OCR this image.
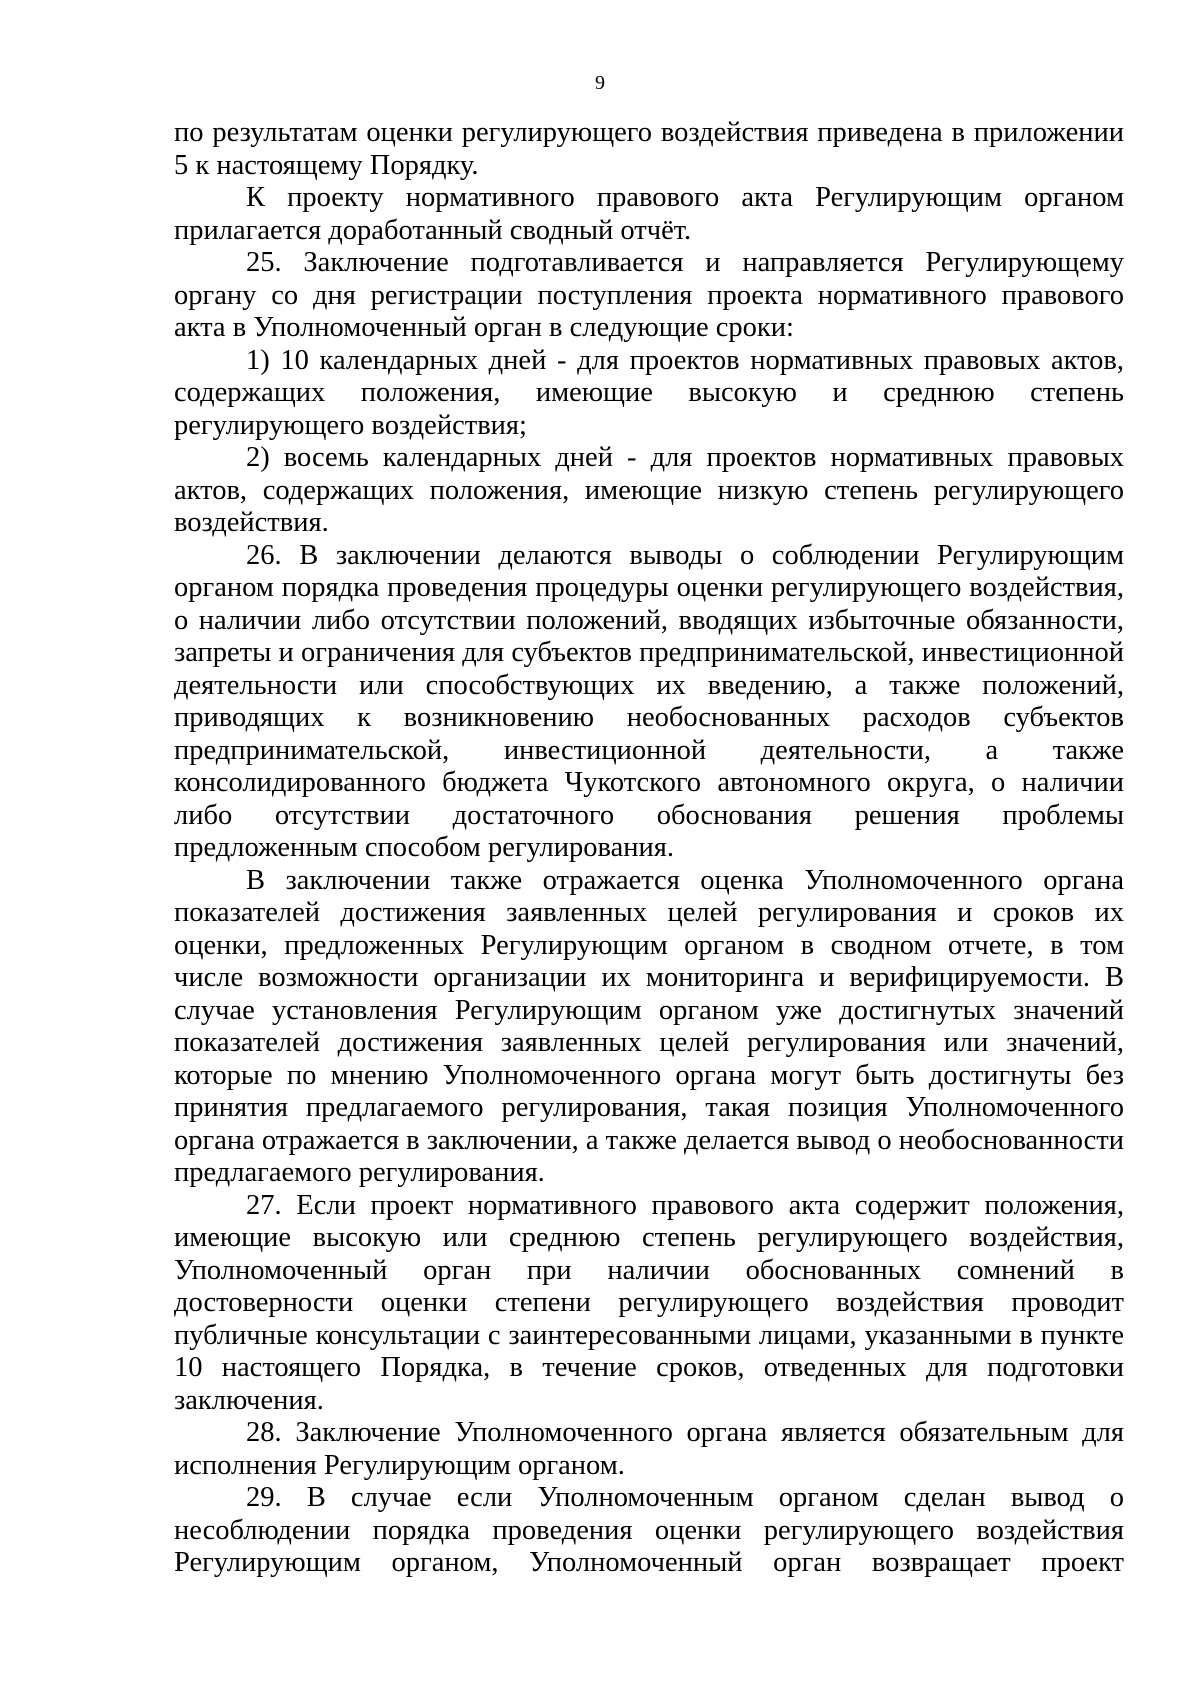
9

по результатам оценки регулирующего воздействия приведена в приложении 5 к настоящему Порядку.

К проекту нормативного правового акта Регулирующим органом прилагается доработанный сводный отчёт.

25. Заключение подготавливается и направляется Регулирующему органу со дня регистрации поступления проекта нормативного правового акта в Уполномоченный орган в следующие сроки:

1) 10 календарных дней - для проектов нормативных правовых актов, содержащих положения, имеющие высокую и среднюю степень регулирующего воздействия;

2) восемь календарных дней - для проектов нормативных правовых актов, содержащих положения, имеющие низкую степень регулирующего воздействия.

26. В заключении делаются выводы о соблюдении Регулирующим органом порядка проведения процедуры оценки регулирующего воздействия, о наличии либо отсутствии положений, вводящих избыточные обязанности, запреты и ограничения для субъектов предпринимательской, инвестиционной деятельности или способствующих их введению, а также положений, приводящих к возникновению необоснованных расходов субъектов предпринимательской, инвестиционной деятельности, а также консолидированного бюджета Чукотского автономного округа, о наличии либо отсутствии достаточного обоснования решения проблемы предложенным способом регулирования.

В заключении также отражается оценка Уполномоченного органа показателей достижения заявленных целей регулирования и сроков их оценки, предложенных Регулирующим органом в сводном отчете, в том числе возможности организации их мониторинга и верифицируемости. В случае установления Регулирующим органом уже достигнутых значений показателей достижения заявленных целей регулирования или значений, которые по мнению Уполномоченного органа могут быть достигнуты без принятия предлагаемого регулирования, такая позиция Уполномоченного органа отражается в заключении, а также делается вывод о необоснованности предлагаемого регулирования.

27. Если проект нормативного правового акта содержит положения, имеющие высокую или среднюю степень регулирующего воздействия, Уполномоченный орган при наличии обоснованных сомнений в достоверности оценки степени регулирующего воздействия проводит публичные консультации с заинтересованными лицами, указанными в пункте 10 настоящего Порядка, в течение сроков, отведенных для подготовки заключения.

28. Заключение Уполномоченного органа является обязательным для исполнения Регулирующим органом.

29. В случае если Уполномоченным органом сделан вывод о несоблюдении порядка проведения оценки регулирующего воздействия Регулирующим органом, Уполномоченный орган возвращает проект
